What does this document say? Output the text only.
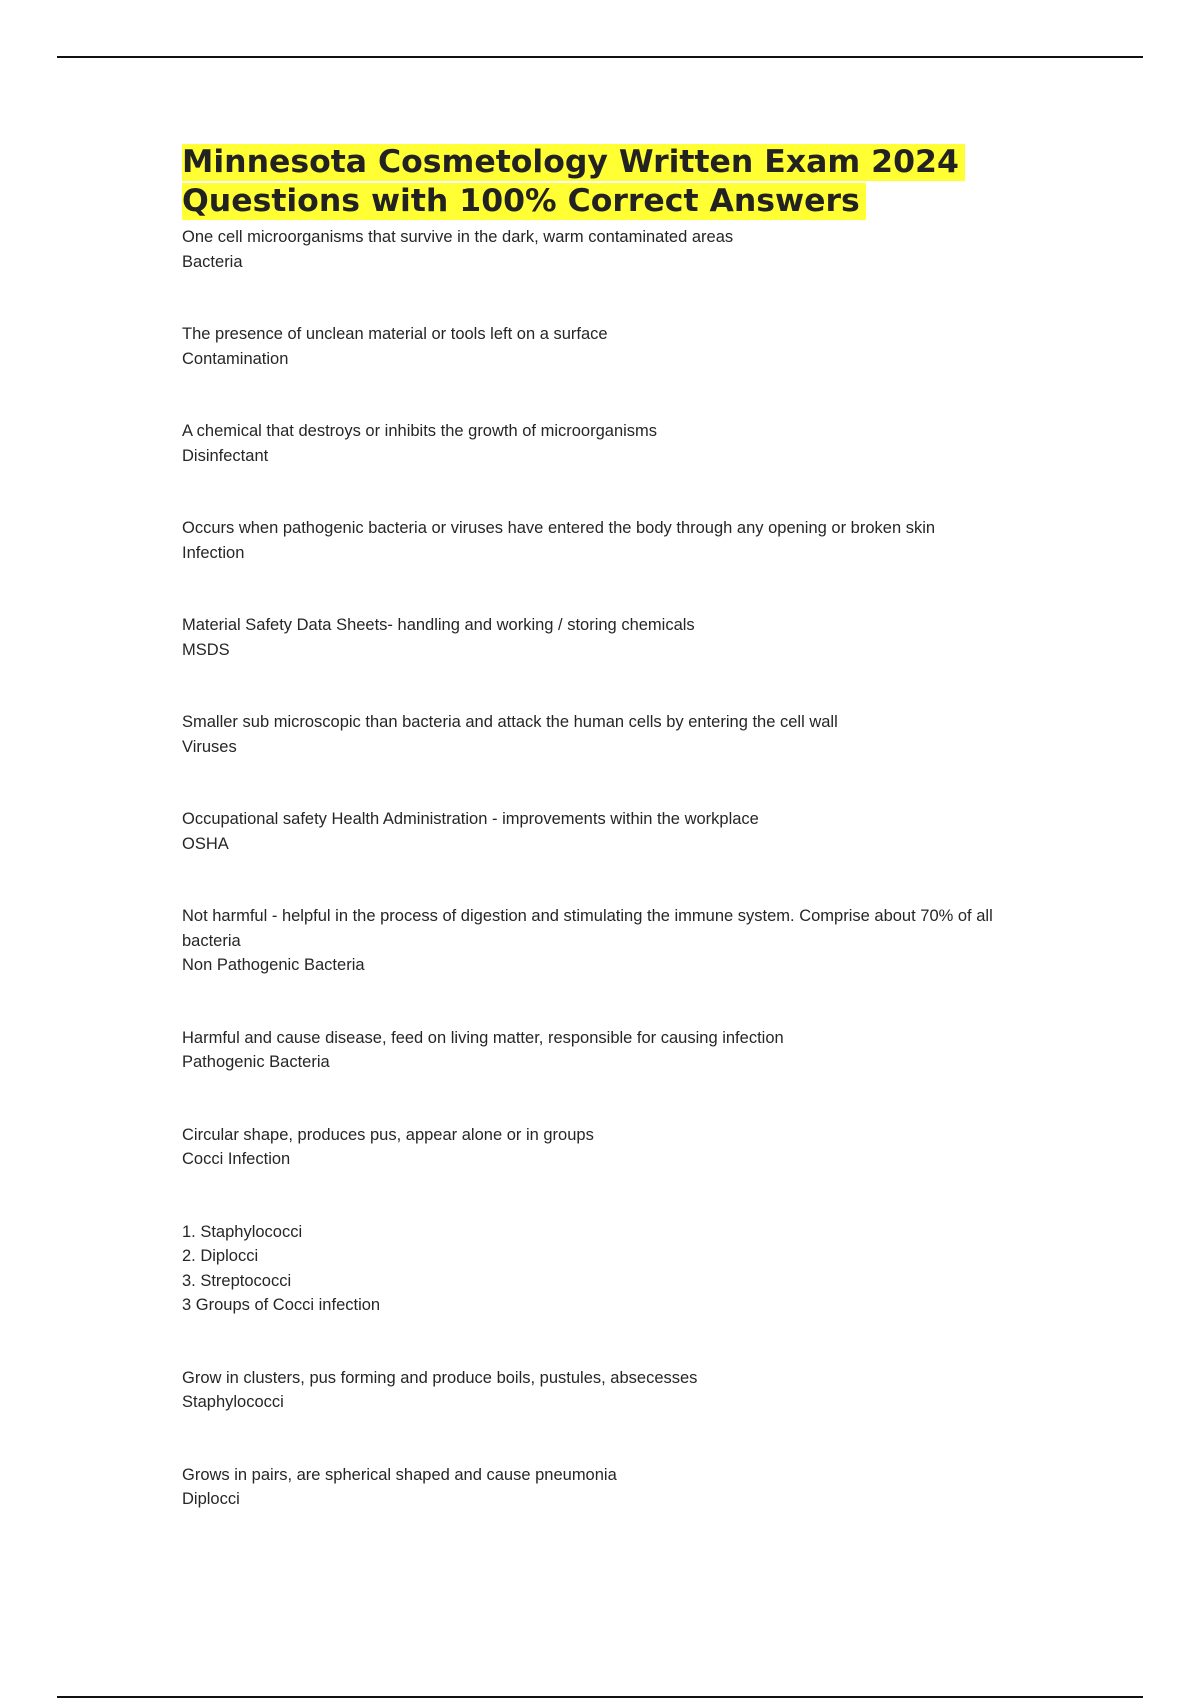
Minnesota Cosmetology Written Exam 2024
Questions with 100% Correct Answers
One cell microorganisms that survive in the dark, warm contaminated areas
Bacteria
The presence of unclean material or tools left on a surface
Contamination
A chemical that destroys or inhibits the growth of microorganisms
Disinfectant
Occurs when pathogenic bacteria or viruses have entered the body through any opening or broken skin
Infection
Material Safety Data Sheets- handling and working / storing chemicals
MSDS
Smaller sub microscopic than bacteria and attack the human cells by entering the cell wall
Viruses
Occupational safety Health Administration - improvements within the workplace
OSHA
Not harmful - helpful in the process of digestion and stimulating the immune system. Comprise about 70% of all bacteria
Non Pathogenic Bacteria
Harmful and cause disease, feed on living matter, responsible for causing infection
Pathogenic Bacteria
Circular shape, produces pus, appear alone or in groups
Cocci Infection
1. Staphylococci
2. Diplocci
3. Streptococci
3 Groups of Cocci infection
Grow in clusters, pus forming and produce boils, pustules, absecesses
Staphylococci
Grows in pairs, are spherical shaped and cause pneumonia
Diplocci
